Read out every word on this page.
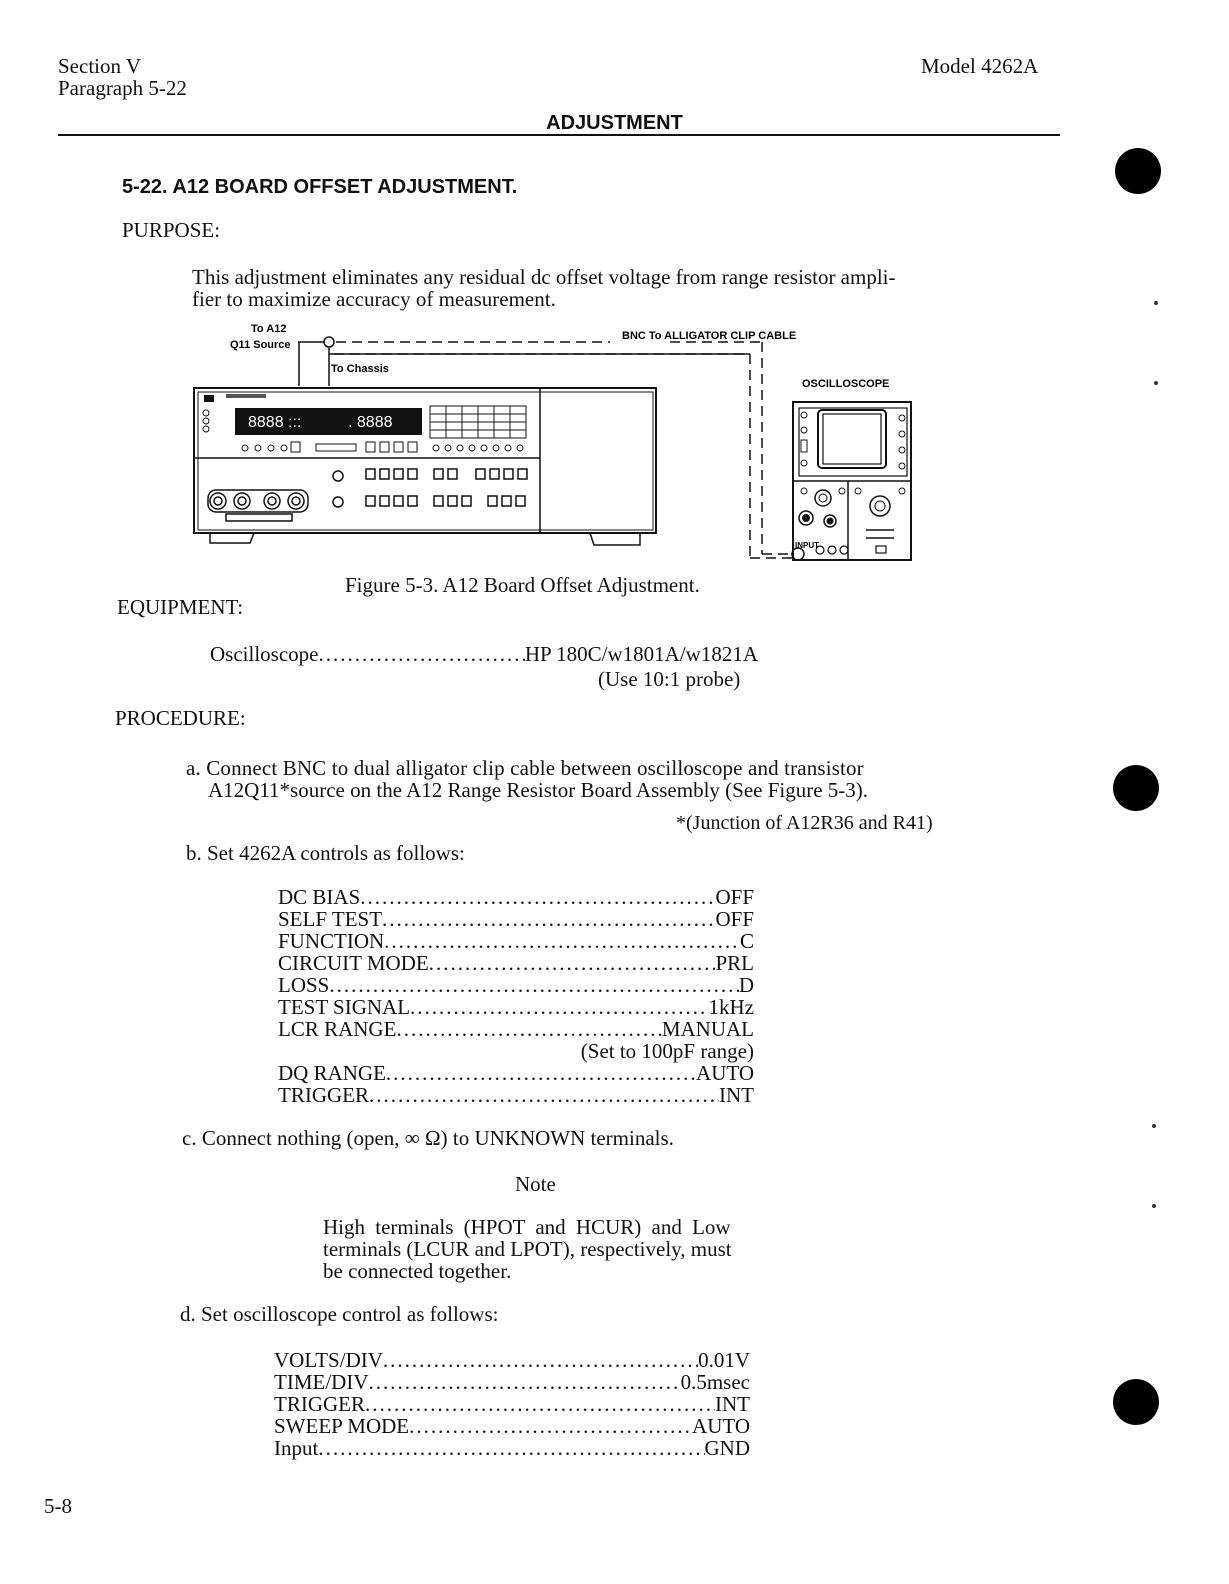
Section V
Paragraph 5-22
Model 4262A
ADJUSTMENT
5-22. A12 BOARD OFFSET ADJUSTMENT.
PURPOSE:
This adjustment eliminates any residual dc offset voltage from range resistor ampli-
fier to maximize accuracy of measurement.
To A12
Q11 Source
BNC To ALLIGATOR CLIP CABLE
To Chassis
OSCILLOSCOPE
8888 :::	. 8888
INPUT
Figure 5-3. A12 Board Offset Adjustment.
EQUIPMENT:
Oscilloscope .....	HP 180C/w1801A/w1821A
(Use 10:1 probe)
PROCEDURE:
a. Connect BNC to dual alligator clip cable between oscilloscope and transistor
A12Q11*source on the A12 Range Resistor Board Assembly (See Figure 5-3).
*(Junction of A12R36 and R41)
b. Set 4262A controls as follows:
DC BIAS .....	OFF
SELF TEST .....	OFF
FUNCTION .....	C
CIRCUIT MODE .....	PRL
LOSS .....	D
TEST SIGNAL .....	1kHz
LCR RANGE .....	MANUAL
(Set to 100pF range)
DQ RANGE .....	AUTO
TRIGGER .....	INT
c. Connect nothing (open, ∞ Ω) to UNKNOWN terminals.
Note
High terminals (HPOT and HCUR) and Low
terminals (LCUR and LPOT), respectively, must
be connected together.
d. Set oscilloscope control as follows:
VOLTS/DIV .....	0.01V
TIME/DIV .....	0.5msec
TRIGGER .....	INT
SWEEP MODE .....	AUTO
Input .....	GND
5-8
